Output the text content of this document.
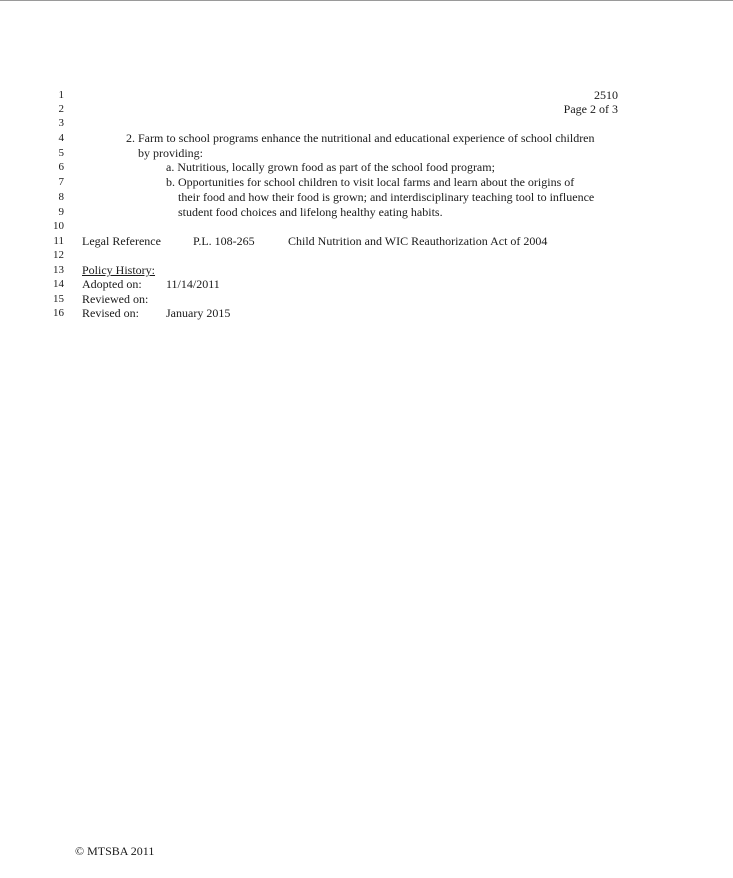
1	2510
2	Page 2 of 3
3
4	2. Farm to school programs enhance the nutritional and educational experience of school children
5	by providing:
6	a. Nutritious, locally grown food as part of the school food program;
7	b. Opportunities for school children to visit local farms and learn about the origins of
8	their food and how their food is grown; and interdisciplinary teaching tool to influence
9	student food choices and lifelong healthy eating habits.
10
11 Legal Reference	P.L. 108-265	Child Nutrition and WIC Reauthorization Act of 2004
12
13 Policy History:
14 Adopted on: 11/14/2011
15 Reviewed on:
16 Revised on: January 2015
© MTSBA 2011
